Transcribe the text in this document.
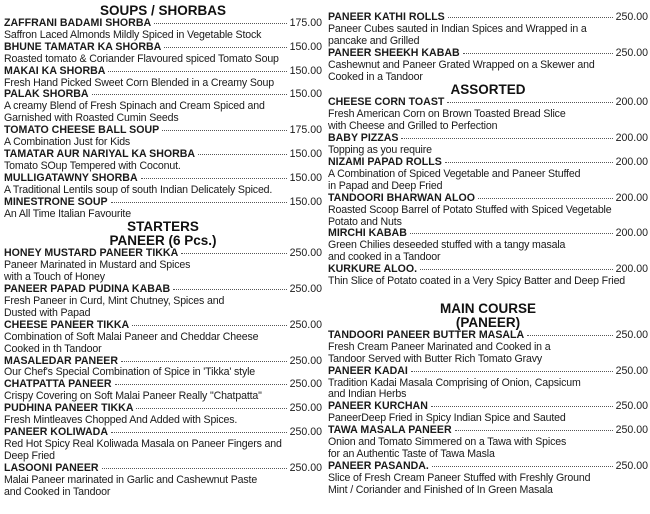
SOUPS / SHORBAS
ZAFFRANI BADAMI SHORBA	175.00
Saffron Laced Almonds Mildly Spiced in Vegetable Stock
BHUNE TAMATAR KA SHORBA	150.00
Roasted tomato & Coriander Flavoured spiced Tomato Soup
MAKAI KA SHORBA	150.00
Fresh Hand Picked Sweet Corn Blended in a Creamy Soup
PALAK SHORBA	150.00
A creamy Blend of Fresh Spinach and Cream Spiced and
Garnished with Roasted Cumin Seeds
TOMATO CHEESE BALL SOUP	175.00
A Combination Just for Kids
TAMATAR AUR NARIYAL KA SHORBA	150.00
Tomato SOup Tempered with Coconut.
MULLIGATAWNY SHORBA	150.00
A Traditional Lentils soup of south Indian Delicately Spiced.
MINESTRONE SOUP	150.00
An All Time Italian Favourite
STARTERS
PANEER (6 Pcs.)
HONEY MUSTARD PANEER TIKKA	250.00
Paneer Marinated in Mustard and Spices
with a Touch of Honey
PANEER PAPAD PUDINA KABAB	250.00
Fresh Paneer in Curd, Mint Chutney, Spices and
Dusted with Papad
CHEESE PANEER TIKKA	250.00
Combination of Soft Malai Paneer and Cheddar Cheese
Cooked in th Tandoor
MASALEDAR PANEER	250.00
Our Chef's Special Combination of Spice in 'Tikka' style
CHATPATTA PANEER	250.00
Crispy Covering on Soft Malai Paneer Really "Chatpatta"
PUDHINA PANEER TIKKA	250.00
Fresh Mintleaves Chopped And Added with Spices.
PANEER KOLIWADA	250.00
Red Hot Spicy Real Koliwada Masala on Paneer Fingers and
Deep Fried
LASOONI PANEER	250.00
Malai Paneer marinated in Garlic and Cashewnut Paste
and Cooked in Tandoor
PANEER KATHI ROLLS	250.00
Paneer Cubes sauted in Indian Spices and Wrapped in a
pancake and Grilled
PANEER SHEEKH KABAB	250.00
Cashewnut and Paneer Grated Wrapped on a Skewer and
Cooked in a Tandoor
ASSORTED
CHEESE CORN TOAST	200.00
Fresh American Corn on Brown Toasted Bread Slice
with Cheese and Grilled to Perfection
BABY PIZZAS	200.00
Topping as you require
NIZAMI PAPAD ROLLS	200.00
A Combination of Spiced Vegetable and Paneer Stuffed
in Papad and Deep Fried
TANDOORI BHARWAN ALOO	200.00
Roasted Scoop Barrel of Potato Stuffed with Spiced Vegetable
Potato and Nuts
MIRCHI KABAB	200.00
Green Chilies deseeded stuffed with a tangy masala
and cooked in a Tandoor
KURKURE ALOO.	200.00
Thin Slice of Potato coated in a Very Spicy Batter and Deep Fried
MAIN COURSE
(PANEER)
TANDOORI PANEER BUTTER MASALA	250.00
Fresh Cream Paneer Marinated and Cooked in a
Tandoor Served with Butter Rich Tomato Gravy
PANEER KADAI	250.00
Tradition Kadai Masala Comprising of Onion, Capsicum
and Indian Herbs
PANEER KURCHAN	250.00
PaneerDeep Fried in Spicy Indian Spice and Sauted
TAWA MASALA PANEER	250.00
Onion and Tomato Simmered on a Tawa with Spices
for an Authentic Taste of Tawa Masla
PANEER PASANDA.	250.00
Slice of Fresh Cream Paneer Stuffed with Freshly Ground
Mint / Coriander and Finished of In Green Masala
